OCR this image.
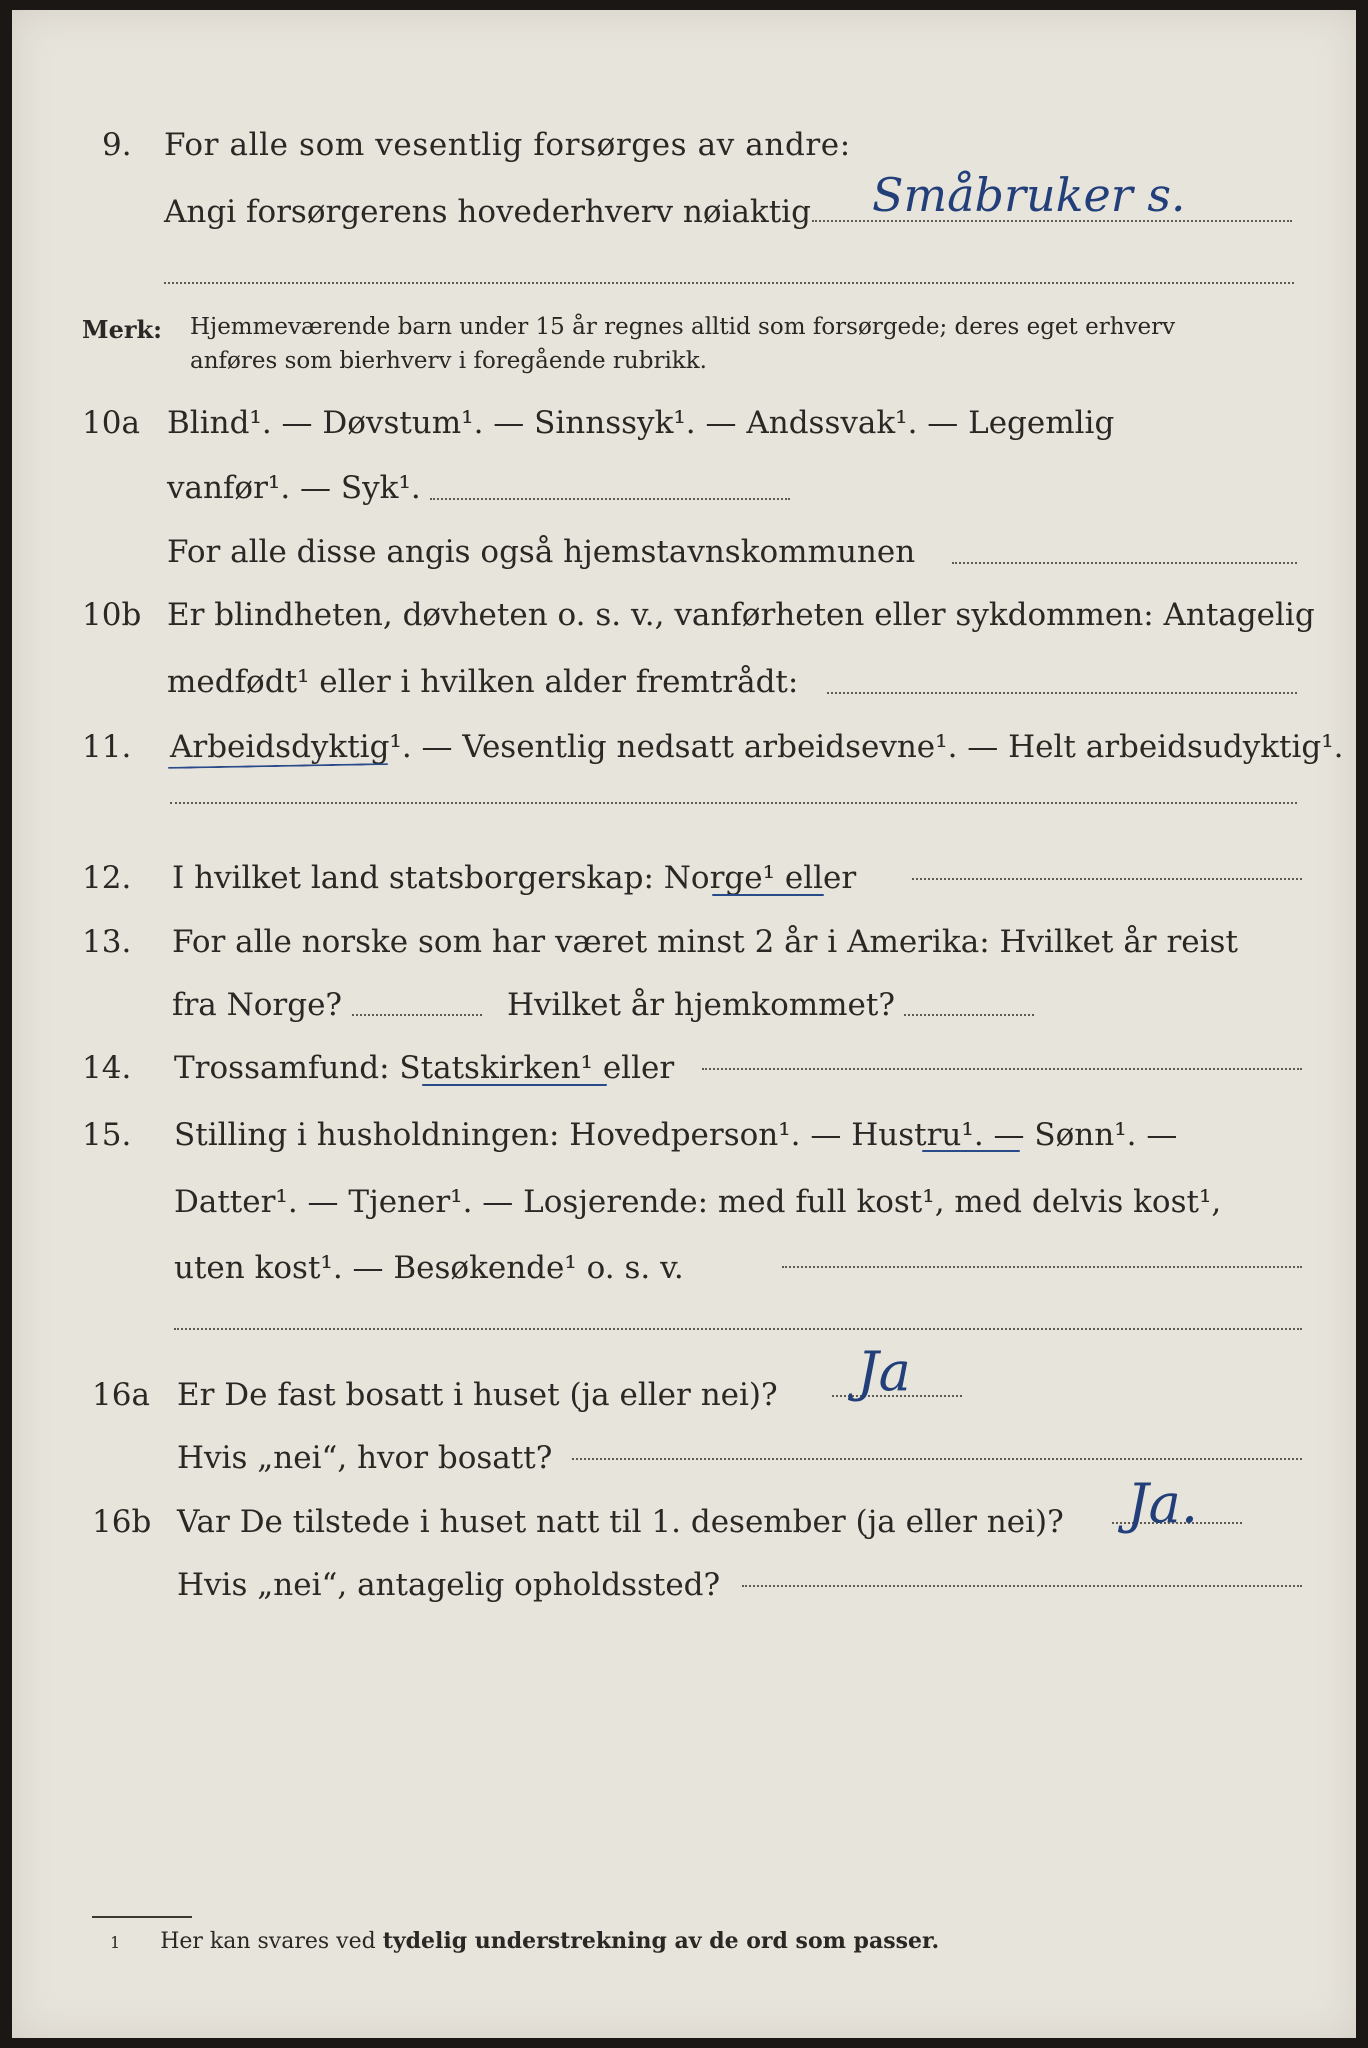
9. For alle som vesentlig forsørges av andre:
Angi forsørgerens hovederhverv nøiaktig Småbruker s.
Merk: Hjemmeværende barn under 15 år regnes alltid som forsørgede; deres eget erhverv
anføres som bierhverv i foregående rubrikk.
10a Blind¹. — Døvstum¹. — Sinnssyk¹. — Andssvak¹. — Legemlig
vanfør¹. — Syk¹.
For alle disse angis også hjemstavnskommunen
10b Er blindheten, døvheten o. s. v., vanførheten eller sykdommen: Antagelig
medfødt¹ eller i hvilken alder fremtrådt:
11. Arbeidsdyktig¹. — Vesentlig nedsatt arbeidsevne¹. — Helt arbeidsudyktig¹.
12. I hvilket land statsborgerskap: Norge¹ eller
13. For alle norske som har været minst 2 år i Amerika: Hvilket år reist
fra Norge?	Hvilket år hjemkommet?
14. Trossamfund: Statskirken¹ eller
15. Stilling i husholdningen: Hovedperson¹. — Hustru¹. — Sønn¹. —
Datter¹. — Tjener¹. — Losjerende: med full kost¹, med delvis kost¹,
uten kost¹. — Besøkende¹ o. s. v.
16a Er De fast bosatt i huset (ja eller nei)? Ja
Hvis „nei“, hvor bosatt?
16b Var De tilstede i huset natt til 1. desember (ja eller nei)? Ja.
Hvis „nei“, antagelig opholdssted?
1 Her kan svares ved tydelig understrekning av de ord som passer.
